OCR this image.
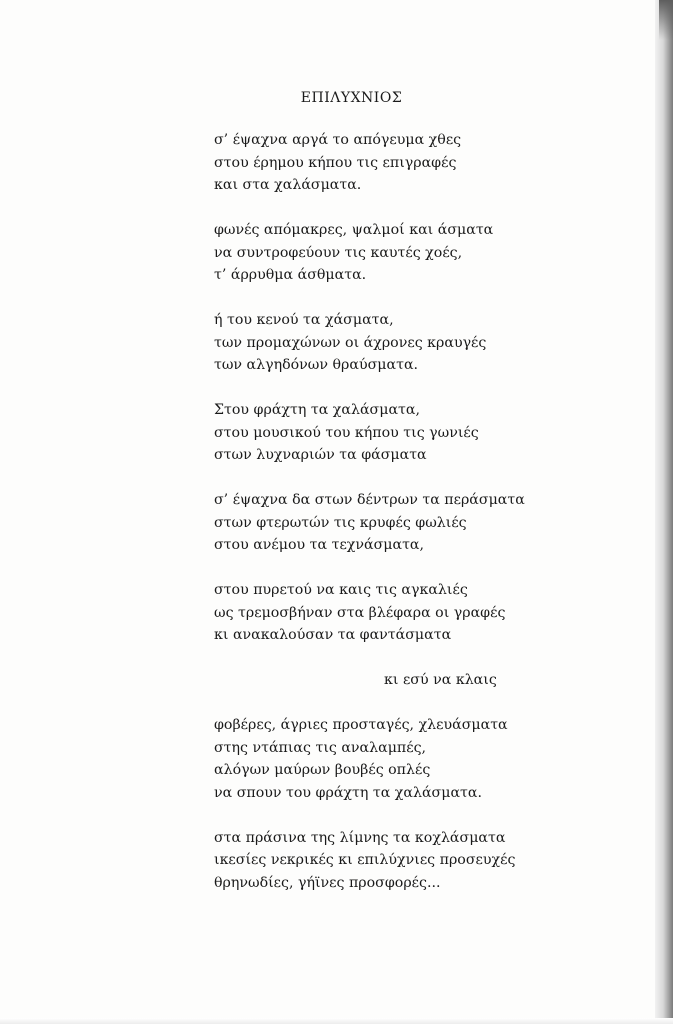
ΕΠΙΛΥΧΝΙΟΣ
σ’ έψαχνα αργά το απόγευμα χθες
στου έρημου κήπου τις επιγραφές
και στα χαλάσματα.
φωνές απόμακρες, ψαλμοί και άσματα
να συντροφεύουν τις καυτές χοές,
τ’ άρρυθμα άσθματα.
ή του κενού τα χάσματα,
των προμαχώνων οι άχρονες κραυγές
των αλγηδόνων θραύσματα.
Στου φράχτη τα χαλάσματα,
στου μουσικού του κήπου τις γωνιές
στων λυχναριών τα φάσματα
σ’ έψαχνα δα στων δέντρων τα περάσματα
στων φτερωτών τις κρυφές φωλιές
στου ανέμου τα τεχνάσματα,
στου πυρετού να καις τις αγκαλιές
ως τρεμοσβήναν στα βλέφαρα οι γραφές
κι ανακαλούσαν τα φαντάσματα
κι εσύ να κλαις
φοβέρες, άγριες προσταγές, χλευάσματα
στης ντάπιας τις αναλαμπές,
αλόγων μαύρων βουβές οπλές
να σπουν του φράχτη τα χαλάσματα.
στα πράσινα της λίμνης τα κοχλάσματα
ικεσίες νεκρικές κι επιλύχνιες προσευχές
θρηνωδίες, γήϊνες προσφορές...
